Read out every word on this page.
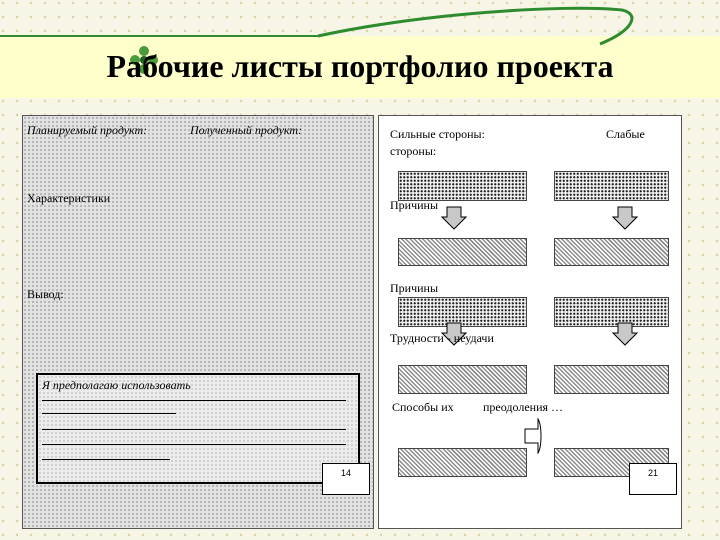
Рабочие листы портфолио проекта
Планируемый продукт:	Полученный продукт:
Характеристики
Вывод:
Я предполагаю использовать
14
Сильные стороны:	Слабые
стороны:
Причины
Причины
Трудности - неудачи
Способы их преодоления …
21
